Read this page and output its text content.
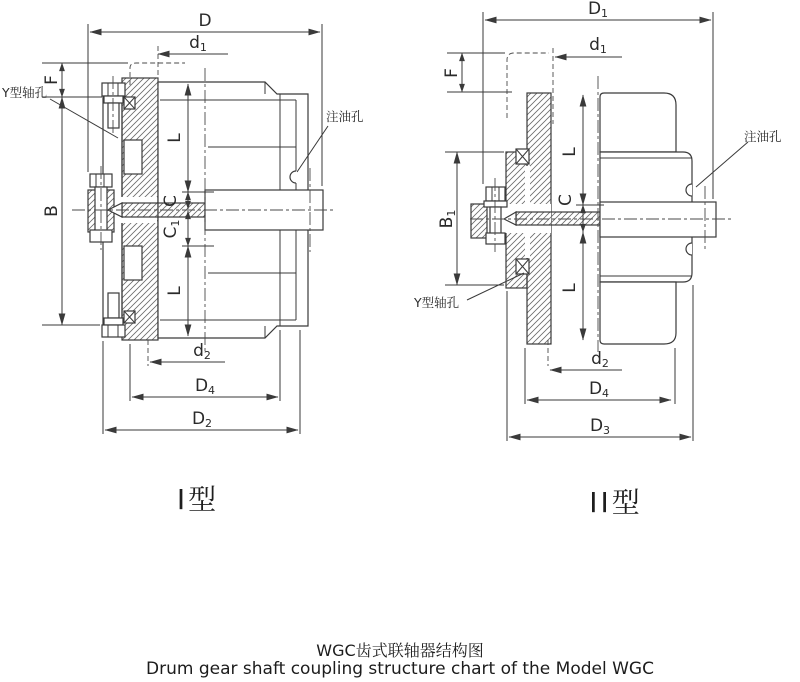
D
d1
F
B
L
C
C1
L
d2
D4
D2
Y型轴孔
注油孔
D1
d1
F
B1
L
C
L
d2
D4
D3
Y型轴孔
注油孔
I型	II型
WGC齿式联轴器结构图
Drum gear shaft coupling structure chart of the Model WGC
